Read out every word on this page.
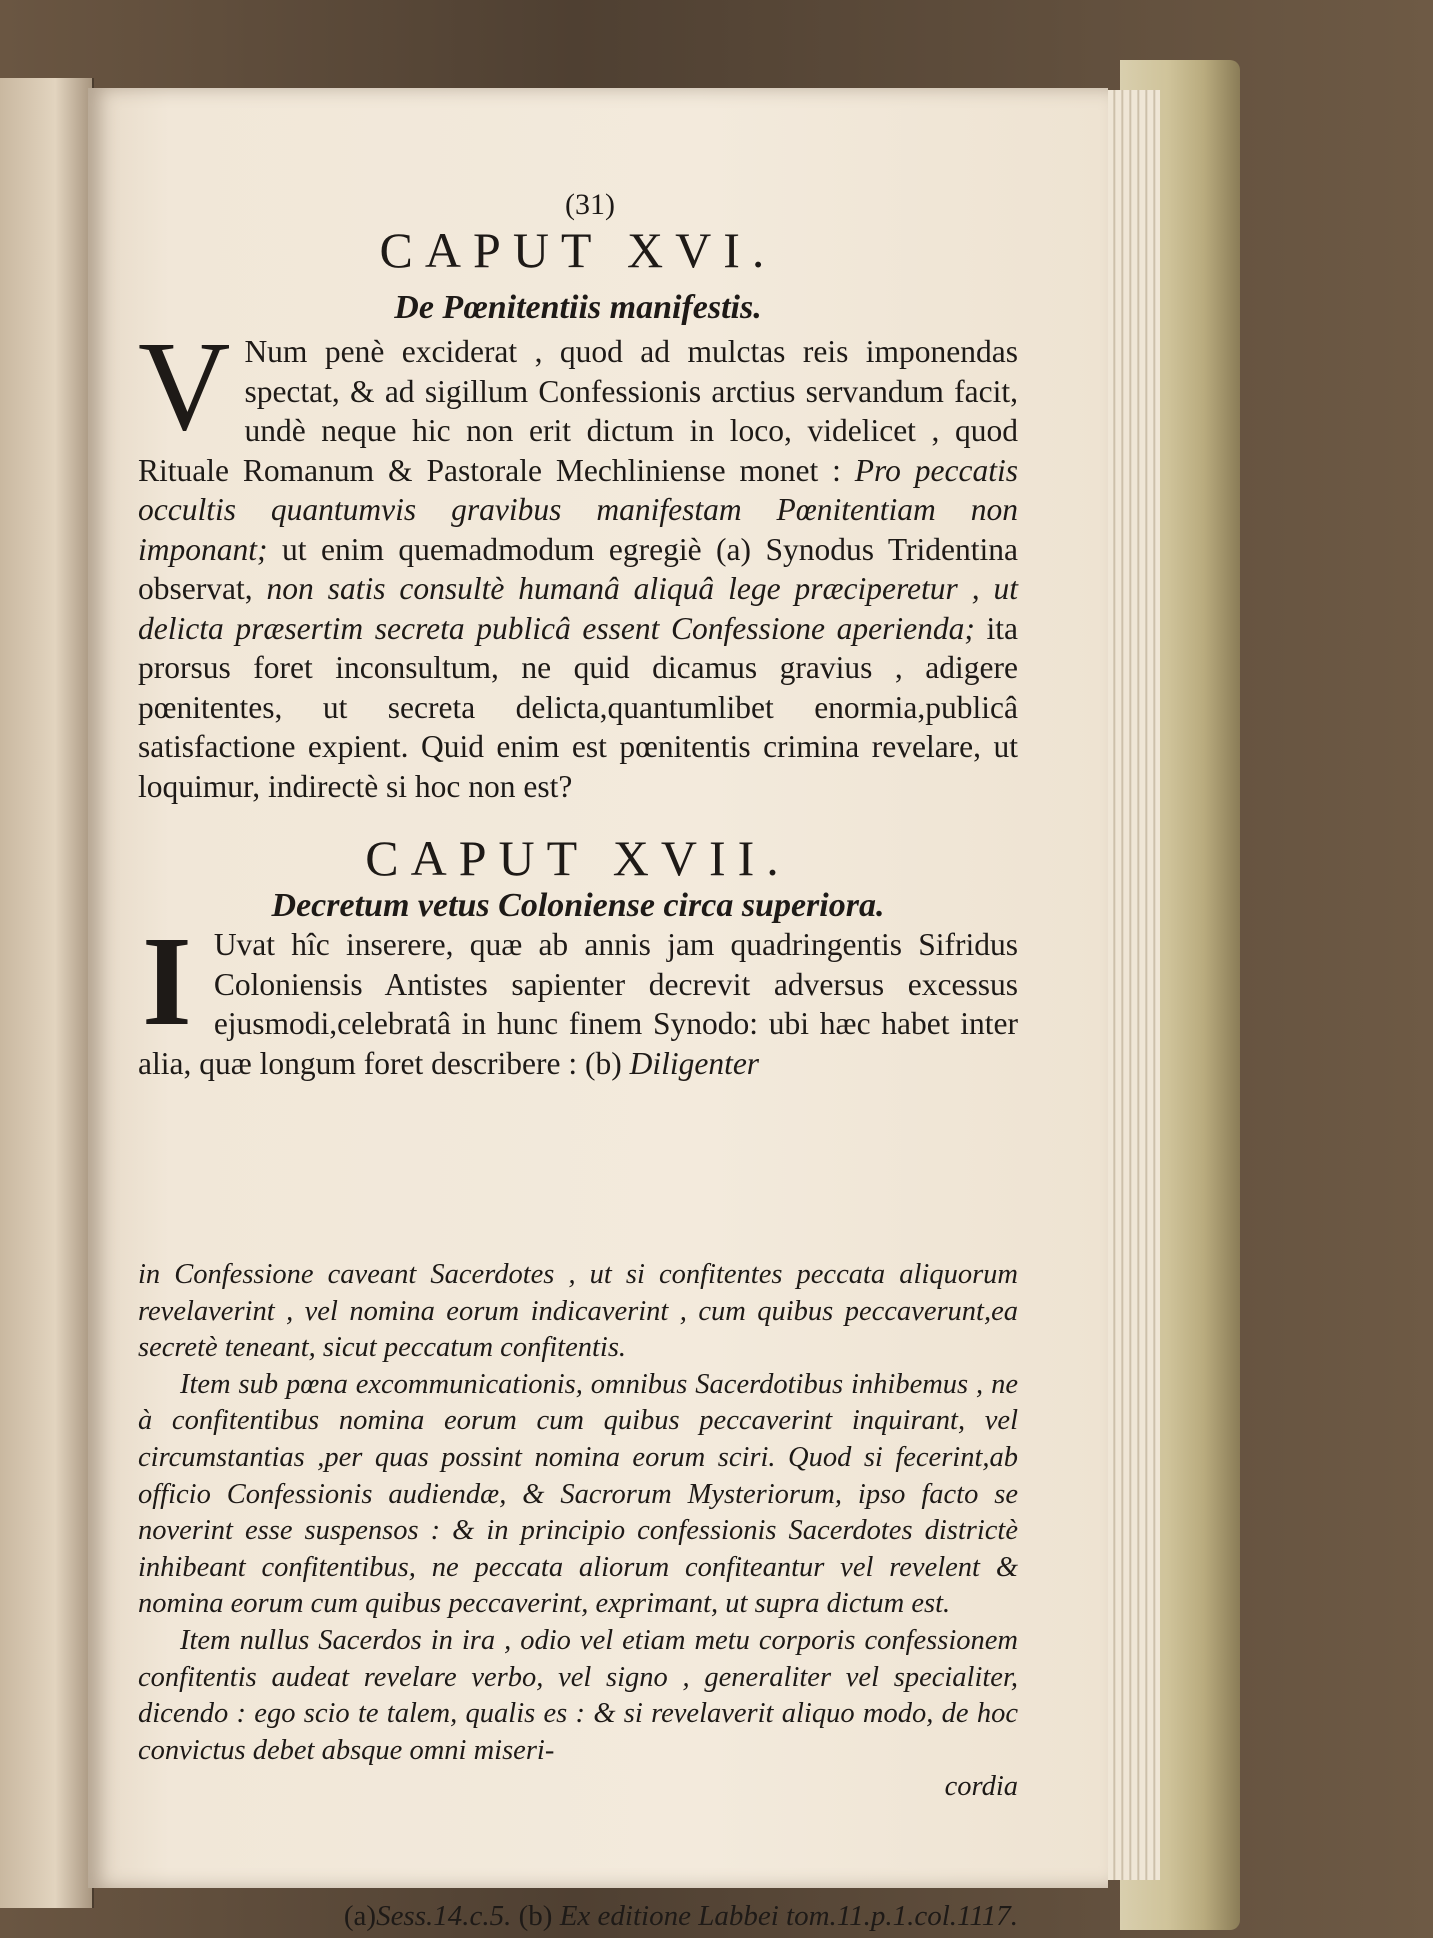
(31)
CAPUT XVI.
De Pœnitentiis manifestis.

V Num penè exciderat , quod ad mulctas reis imponendas spectat, & ad sigillum Confessionis arctius servandum facit, undè neque hic non erit dictum in loco, videlicet , quod Rituale Romanum & Pastorale Mechliniense monet : Pro peccatis occultis quantumvis gravibus manifestam Pœnitentiam non imponant; ut enim quemadmodum egregiè (a) Synodus Tridentina observat, non satis consultè humanâ aliquâ lege præciperetur , ut delicta præsertim secreta publicâ essent Confessione aperienda; ita prorsus foret inconsultum, ne quid dicamus gravius , adigere pœnitentes, ut secreta delicta,quantumlibet enormia,publicâ satisfactione expient. Quid enim est pœnitentis crimina revelare, ut loquimur, indirectè si hoc non est?

CAPUT XVII.
Decretum vetus Coloniense circa superiora.

I Uvat hîc inserere, quæ ab annis jam quadringentis Sifridus Coloniensis Antistes sapienter decrevit adversus excessus ejusmodi,celebratâ in hunc finem Synodo: ubi hæc habet inter alia, quæ longum foret describere : (b) Diligenter

in Confessione caveant Sacerdotes , ut si confitentes peccata aliquorum revelaverint , vel nomina eorum indicaverint , cum quibus peccaverunt,ea secretè teneant, sicut peccatum confitentis.

Item sub pœna excommunicationis, omnibus Sacerdotibus inhibemus , ne à confitentibus nomina eorum cum quibus peccaverint inquirant, vel circumstantias ,per quas possint nomina eorum sciri. Quod si fecerint,ab officio Confessionis audiendæ, & Sacrorum Mysteriorum, ipso facto se noverint esse suspensos : & in principio confessionis Sacerdotes districtè inhibeant confitentibus, ne peccata aliorum confiteantur vel revelent & nomina eorum cum quibus peccaverint, exprimant, ut supra dictum est.

Item nullus Sacerdos in ira , odio vel etiam metu corporis confessionem confitentis audeat revelare verbo, vel signo , generaliter vel specialiter, dicendo : ego scio te talem, qualis es : & si revelaverit aliquo modo, de hoc convictus debet absque omni miseri-

cordia

(a)Sess.14.c.5. (b) Ex editione Labbei tom.11.p.1.col.1117.
